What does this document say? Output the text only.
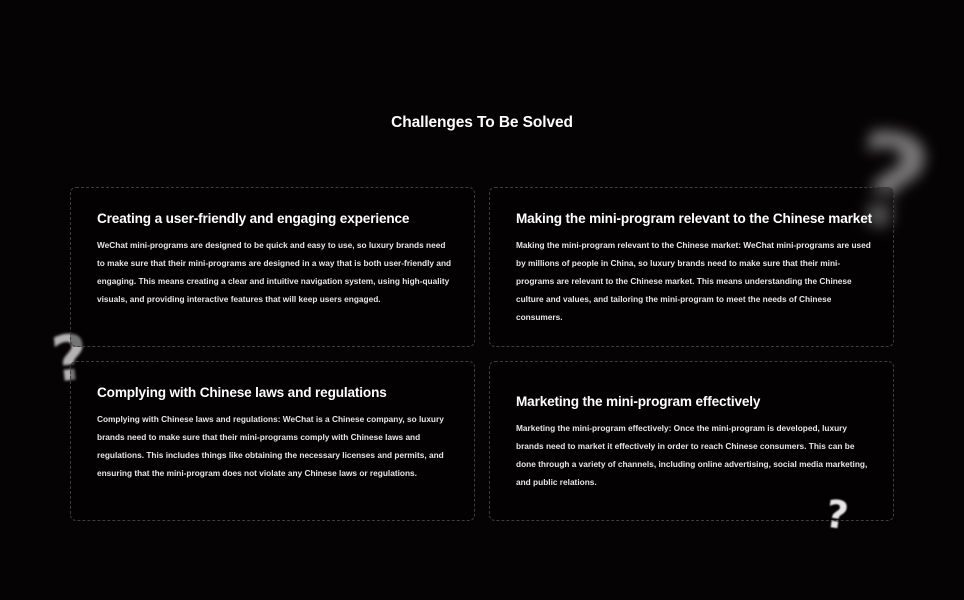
?
?
Challenges To Be Solved
Creating a user-friendly and engaging experience

WeChat mini-programs are designed to be quick and easy to use, so luxury brands need to make sure that their mini-programs are designed in a way that is both user-friendly and engaging. This means creating a clear and intuitive navigation system, using high-quality visuals, and providing interactive features that will keep users engaged.

Making the mini-program relevant to the Chinese market

Making the mini-program relevant to the Chinese market: WeChat mini-programs are used by millions of people in China, so luxury brands need to make sure that their mini-programs are relevant to the Chinese market. This means understanding the Chinese culture and values, and tailoring the mini-program to meet the needs of Chinese consumers.

Complying with Chinese laws and regulations

Complying with Chinese laws and regulations: WeChat is a Chinese company, so luxury brands need to make sure that their mini-programs comply with Chinese laws and regulations. This includes things like obtaining the necessary licenses and permits, and ensuring that the mini-program does not violate any Chinese laws or regulations.

Marketing the mini-program effectively

Marketing the mini-program effectively: Once the mini-program is developed, luxury brands need to market it effectively in order to reach Chinese consumers. This can be done through a variety of channels, including online advertising, social media marketing, and public relations.

?
